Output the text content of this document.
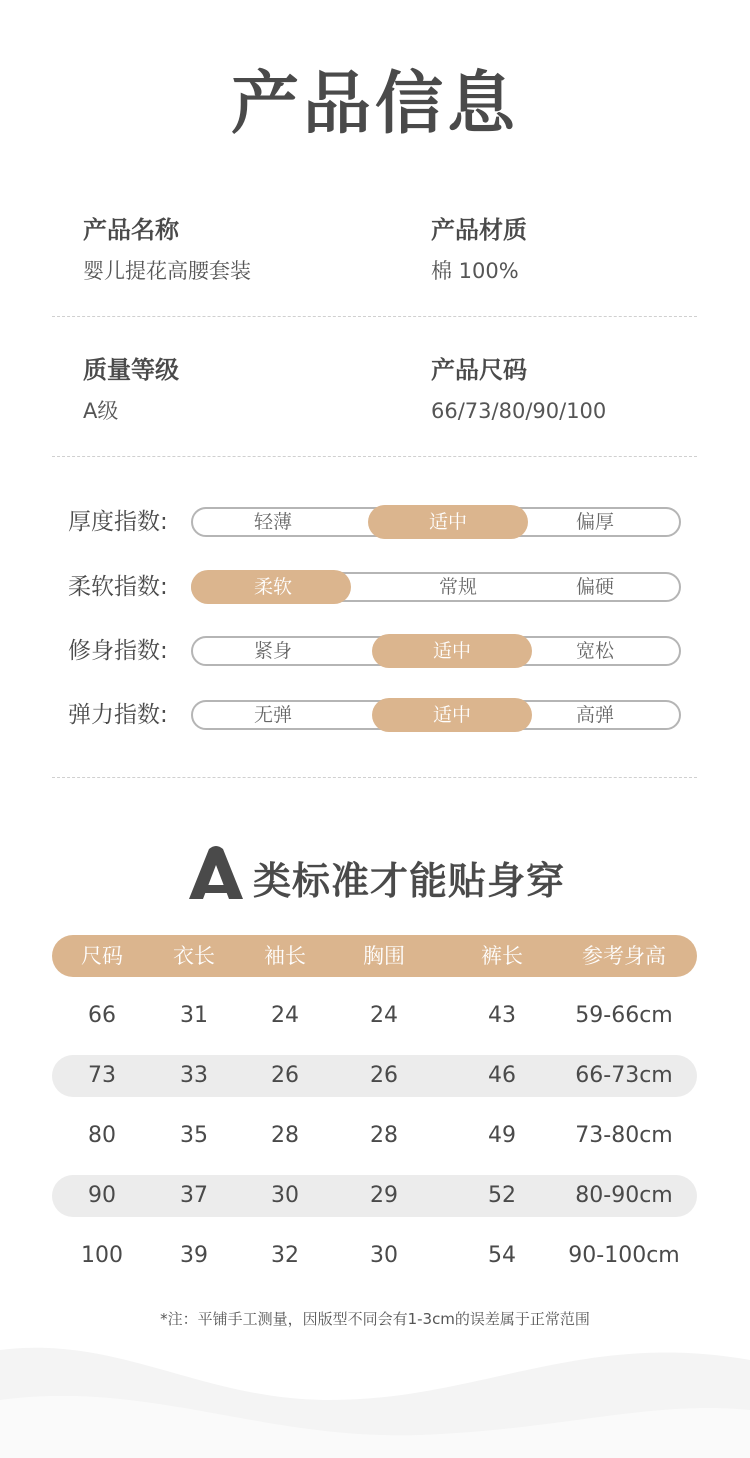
产品信息
产品名称
婴儿提花高腰套装
产品材质
棉 100%
质量等级
A级
产品尺码
66/73/80/90/100
厚度指数:	轻薄	适中	偏厚
柔软指数:	柔软	常规	偏硬
修身指数:	紧身	适中	宽松
弹力指数:	无弹	适中	高弹
A
类标准才能贴身穿
尺码	衣长	袖长	胸围	裤长	参考身高
66	31	24	24	43	59-66cm
73	33	26	26	46	66-73cm
80	35	28	28	49	73-80cm
90	37	30	29	52	80-90cm
100	39	32	30	54	90-100cm
*注：平铺手工测量，因版型不同会有1-3cm的误差属于正常范围
